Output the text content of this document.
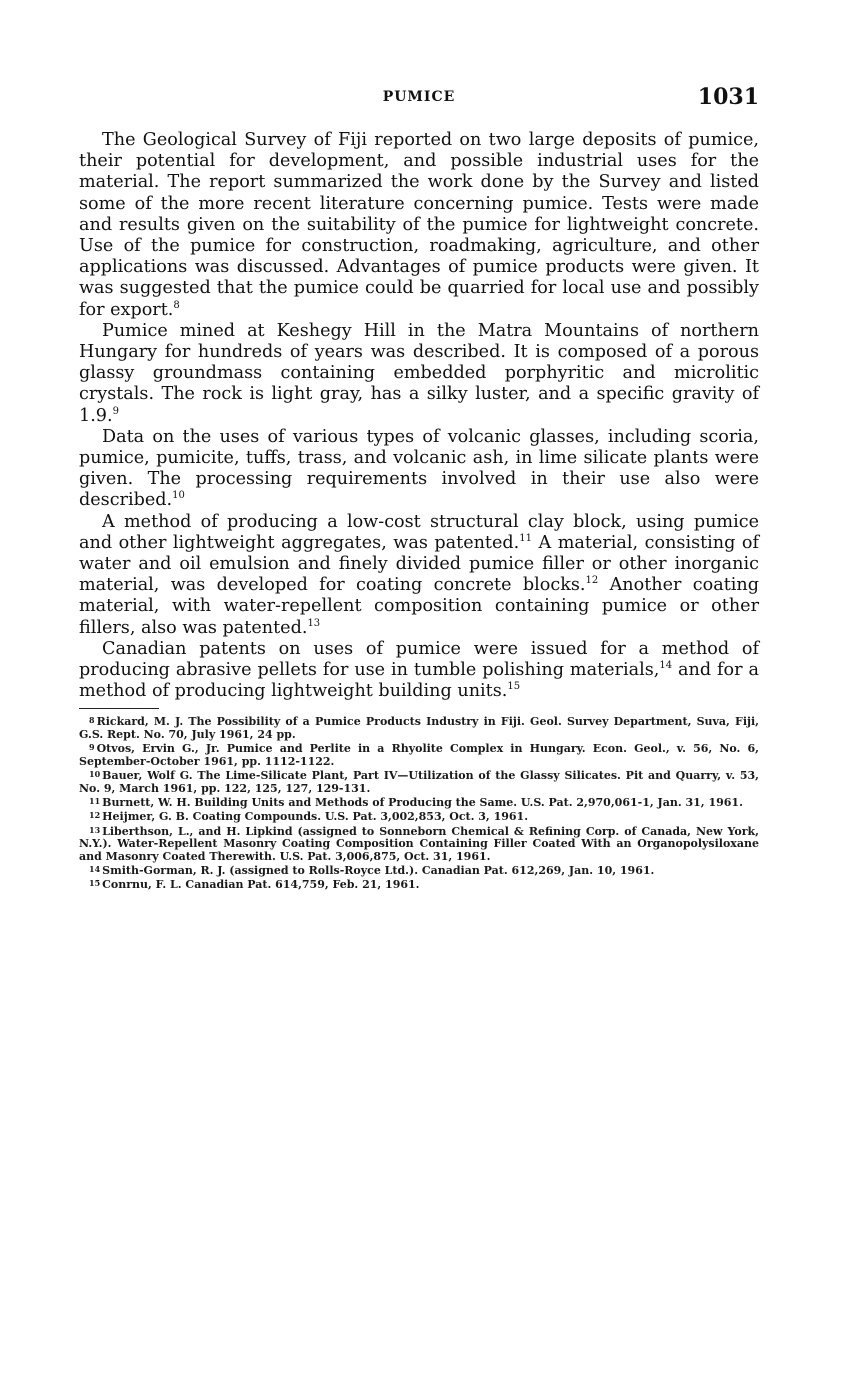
PUMICE	1031

The Geological Survey of Fiji reported on two large deposits of pumice, their potential for development, and possible industrial uses for the material. The report summarized the work done by the Survey and listed some of the more recent literature concerning pumice. Tests were made and results given on the suitability of the pumice for lightweight concrete. Use of the pumice for construction, roadmaking, agriculture, and other applications was discussed. Advantages of pumice products were given. It was suggested that the pumice could be quarried for local use and possibly for export.$^8$

Pumice mined at Keshegy Hill in the Matra Mountains of northern Hungary for hundreds of years was described. It is composed of a porous glassy groundmass containing embedded porphyritic and microlitic crystals. The rock is light gray, has a silky luster, and a specific gravity of 1.9.$^9$

Data on the uses of various types of volcanic glasses, including scoria, pumice, pumicite, tuffs, trass, and volcanic ash, in lime silicate plants were given. The processing requirements involved in their use also were described.$^{10}$

A method of producing a low-cost structural clay block, using pumice and other lightweight aggregates, was patented.$^{11}$ A material, consisting of water and oil emulsion and finely divided pumice filler or other inorganic material, was developed for coating concrete blocks.$^{12}$ Another coating material, with water-repellent composition containing pumice or other fillers, also was patented.$^{13}$

Canadian patents on uses of pumice were issued for a method of producing abrasive pellets for use in tumble polishing materials,$^{14}$ and for a method of producing lightweight building units.$^{15}$

8 Rickard, M. J. The Possibility of a Pumice Products Industry in Fiji. Geol. Survey Department, Suva, Fiji, G.S. Rept. No. 70, July 1961, 24 pp.

9 Otvos, Ervin G., Jr. Pumice and Perlite in a Rhyolite Complex in Hungary. Econ. Geol., v. 56, No. 6, September-October 1961, pp. 1112-1122.

10 Bauer, Wolf G. The Lime-Silicate Plant, Part IV—Utilization of the Glassy Silicates. Pit and Quarry, v. 53, No. 9, March 1961, pp. 122, 125, 127, 129-131.

11 Burnett, W. H. Building Units and Methods of Producing the Same. U.S. Pat. 2,970,061-1, Jan. 31, 1961.

12 Heijmer, G. B. Coating Compounds. U.S. Pat. 3,002,853, Oct. 3, 1961.

13 Liberthson, L., and H. Lipkind (assigned to Sonneborn Chemical & Refining Corp. of Canada, New York, N.Y.). Water-Repellent Masonry Coating Composition Containing Filler Coated With an Organopolysiloxane and Masonry Coated Therewith. U.S. Pat. 3,006,875, Oct. 31, 1961.

14 Smith-Gorman, R. J. (assigned to Rolls-Royce Ltd.). Canadian Pat. 612,269, Jan. 10, 1961.

15 Conrnu, F. L. Canadian Pat. 614,759, Feb. 21, 1961.
